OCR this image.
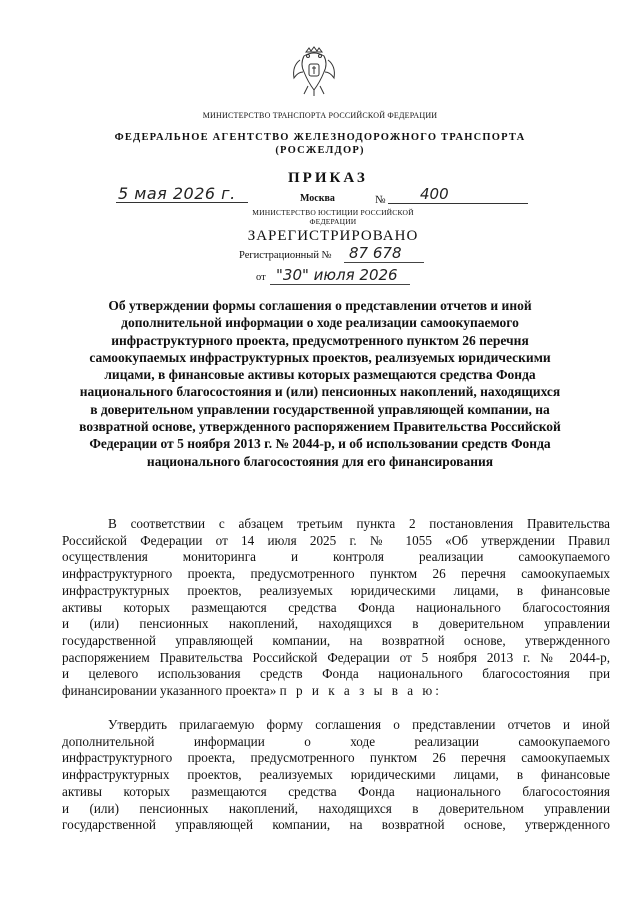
МИНИСТЕРСТВО ТРАНСПОРТА РОССИЙСКОЙ ФЕДЕРАЦИИ
ФЕДЕРАЛЬНОЕ АГЕНТСТВО ЖЕЛЕЗНОДОРОЖНОГО ТРАНСПОРТА
(РОСЖЕЛДОР)
5 мая 2026 г.
ПРИКАЗ
Москва	№ 400
МИНИСТЕРСТВО ЮСТИЦИИ РОССИЙСКОЙ ФЕДЕРАЦИИ
ЗАРЕГИСТРИРОВАНО
Регистрационный № 87 678
от "30" июля 2026
Об утверждении формы соглашения о представлении отчетов и иной
дополнительной информации о ходе реализации самоокупаемого
инфраструктурного проекта, предусмотренного пунктом 26 перечня
самоокупаемых инфраструктурных проектов, реализуемых юридическими
лицами, в финансовые активы которых размещаются средства Фонда
национального благосостояния и (или) пенсионных накоплений, находящихся
в доверительном управлении государственной управляющей компании, на
возвратной основе, утвержденного распоряжением Правительства Российской
Федерации от 5 ноября 2013 г. № 2044-р, и об использовании средств Фонда
национального благосостояния для его финансирования
В соответствии с абзацем третьим пункта 2 постановления Правительства
Российской Федерации от 14 июля 2025 г. № 1055 «Об утверждении Правил
осуществления мониторинга и контроля реализации самоокупаемого
инфраструктурного проекта, предусмотренного пунктом 26 перечня самоокупаемых
инфраструктурных проектов, реализуемых юридическими лицами, в финансовые
активы которых размещаются средства Фонда национального благосостояния
и (или) пенсионных накоплений, находящихся в доверительном управлении
государственной управляющей компании, на возвратной основе, утвержденного
распоряжением Правительства Российской Федерации от 5 ноября 2013 г. № 2044-р,
и целевого использования средств Фонда национального благосостояния при
финансировании указанного проекта» п р и к а з ы в а ю:
Утвердить прилагаемую форму соглашения о представлении отчетов и иной
дополнительной информации о ходе реализации самоокупаемого
инфраструктурного проекта, предусмотренного пунктом 26 перечня самоокупаемых
инфраструктурных проектов, реализуемых юридическими лицами, в финансовые
активы которых размещаются средства Фонда национального благосостояния
и (или) пенсионных накоплений, находящихся в доверительном управлении
государственной управляющей компании, на возвратной основе, утвержденного
